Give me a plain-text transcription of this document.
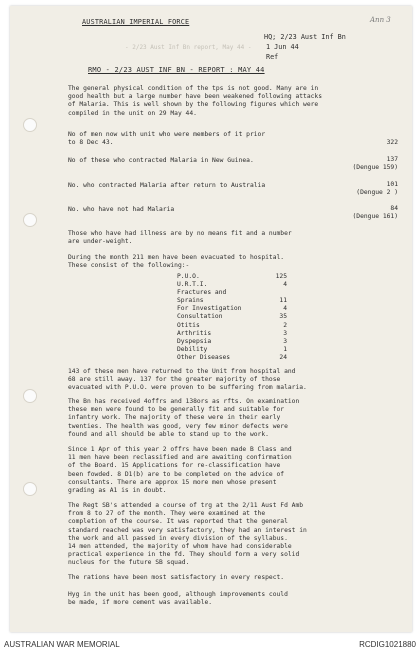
Ann 3
AUSTRALIAN IMPERIAL FORCE
HQ; 2/23 Aust Inf Bn
1 Jun 44
Ref
- 2/23 Aust Inf Bn report, May 44 -
RMO - 2/23 AUST INF BN - REPORT : MAY 44
The general physical condition of the tps is not good. Many are in
good health but a large number have been weakened following attacks
of Malaria. This is well shown by the following figures which were
compiled in the unit on 29 May 44.
No of men now with unit who were members of it prior
to 8 Dec 43.	322
No of these who contracted Malaria in New Guinea.	137
(Dengue 159)
No. who contracted Malaria after return to Australia	101
(Dengue 2 )
No. who have not had Malaria	84
(Dengue 161)
Those who have had illness are by no means fit and a number
are under-weight.
During the month 211 men have been evacuated to hospital.
These consist of the following:-
P.U.O.	125
U.R.T.I.	4
Fractures and
Sprains	11
For Investigation	4
Consultation	35
Otitis	2
Arthritis	3
Dyspepsia	3
Debility	1
Other Diseases	24
143 of these men have returned to the Unit from hospital and
68 are still away. 137 for the greater majority of those
evacuated with P.U.O. were proven to be suffering from malaria.
The Bn has received 4offrs and 138ors as rfts. On examination
these men were found to be generally fit and suitable for
infantry work. The majority of these were in their early
twenties. The health was good, very few minor defects were
found and all should be able to stand up to the work.
Since 1 Apr of this year 2 offrs have been made B Class and
11 men have been reclassified and are awaiting confirmation
of the Board. 15 Applications for re-classification have
been fowded. 8 D1(b) are to be completed on the advice of
consultants. There are approx 15 more men whose present
grading as A1 is in doubt.
The Regt SB's attended a course of trg at the 2/11 Aust Fd Amb
from 8 to 27 of the month. They were examined at the
completion of the course. It was reported that the general
standard reached was very satisfactory, they had an interest in
the work and all passed in every division of the syllabus.
14 men attended, the majority of whom have had considerable
practical experience in the fd. They should form a very solid
nucleus for the future SB squad.
The rations have been most satisfactory in every respect.
Hyg in the unit has been good, although improvements could
be made, if more cement was available.
AUSTRALIAN WAR MEMORIAL	RCDIG1021880
